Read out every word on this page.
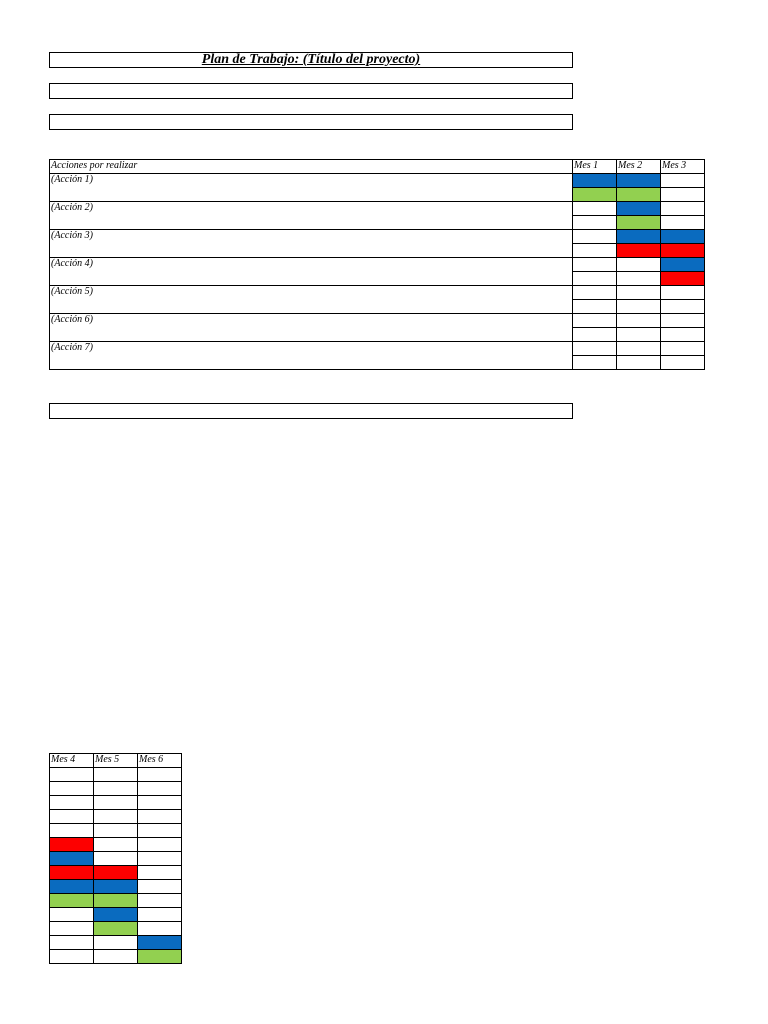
Plan de Trabajo: (Título del proyecto)
Acciones por realizar	Mes 1	Mes 2	Mes 3
(Acción 1)			

(Acción 2)			

(Acción 3)			

(Acción 4)			

(Acción 5)			

(Acción 6)			

(Acción 7)			

Mes 4	Mes 5	Mes 6
